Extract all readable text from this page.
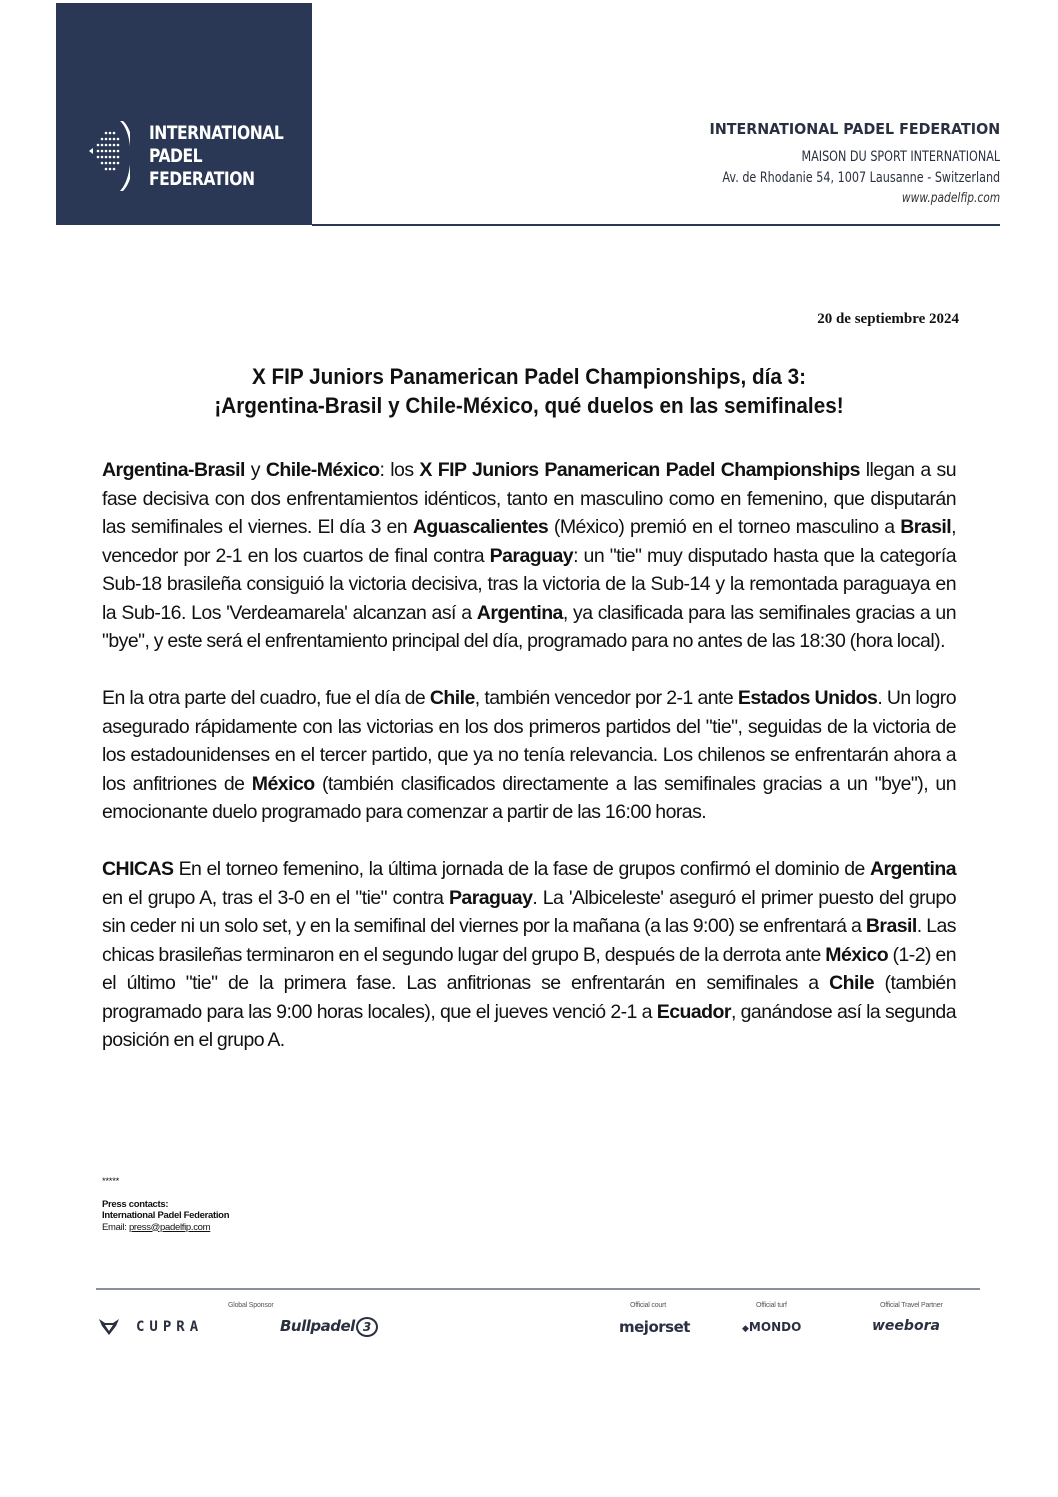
INTERNATIONAL
PADEL
FEDERATION
INTERNATIONAL PADEL FEDERATION
MAISON DU SPORT INTERNATIONAL
Av. de Rhodanie 54, 1007 Lausanne - Switzerland
www.padelfip.com
20 de septiembre 2024
X FIP Juniors Panamerican Padel Championships, día 3:
¡Argentina-Brasil y Chile-México, qué duelos en las semifinales!

Argentina-Brasil y Chile-México: los X FIP Juniors Panamerican Padel Championships llegan a su fase decisiva con dos enfrentamientos idénticos, tanto en masculino como en femenino, que disputarán las semifinales el viernes. El día 3 en Aguascalientes (México) premió en el torneo masculino a Brasil, vencedor por 2-1 en los cuartos de final contra Paraguay: un "tie" muy disputado hasta que la categoría Sub-18 brasileña consiguió la victoria decisiva, tras la victoria de la Sub-14 y la remontada paraguaya en la Sub-16. Los 'Verdeamarela' alcanzan así a Argentina, ya clasificada para las semifinales gracias a un "bye", y este será el enfrentamiento principal del día, programado para no antes de las 18:30 (hora local).

En la otra parte del cuadro, fue el día de Chile, también vencedor por 2-1 ante Estados Unidos. Un logro asegurado rápidamente con las victorias en los dos primeros partidos del "tie", seguidas de la victoria de los estadounidenses en el tercer partido, que ya no tenía relevancia. Los chilenos se enfrentarán ahora a los anfitriones de México (también clasificados directamente a las semifinales gracias a un "bye"), un emocionante duelo programado para comenzar a partir de las 16:00 horas.

CHICAS En el torneo femenino, la última jornada de la fase de grupos confirmó el dominio de Argentina en el grupo A, tras el 3-0 en el "tie" contra Paraguay. La 'Albiceleste' aseguró el primer puesto del grupo sin ceder ni un solo set, y en la semifinal del viernes por la mañana (a las 9:00) se enfrentará a Brasil. Las chicas brasileñas terminaron en el segundo lugar del grupo B, después de la derrota ante México (1-2) en el último "tie" de la primera fase. Las anfitrionas se enfrentarán en semifinales a Chile (también programado para las 9:00 horas locales), que el jueves venció 2-1 a Ecuador, ganándose así la segunda posición en el grupo A.

*****
Press contacts:
International Padel Federation
Email: press@padelfip.com
Global Sponsor
CUPRA	Bullpadel 3
Official court
mejorset
Official turf
◆MONDO
Official Travel Partner
weebora
